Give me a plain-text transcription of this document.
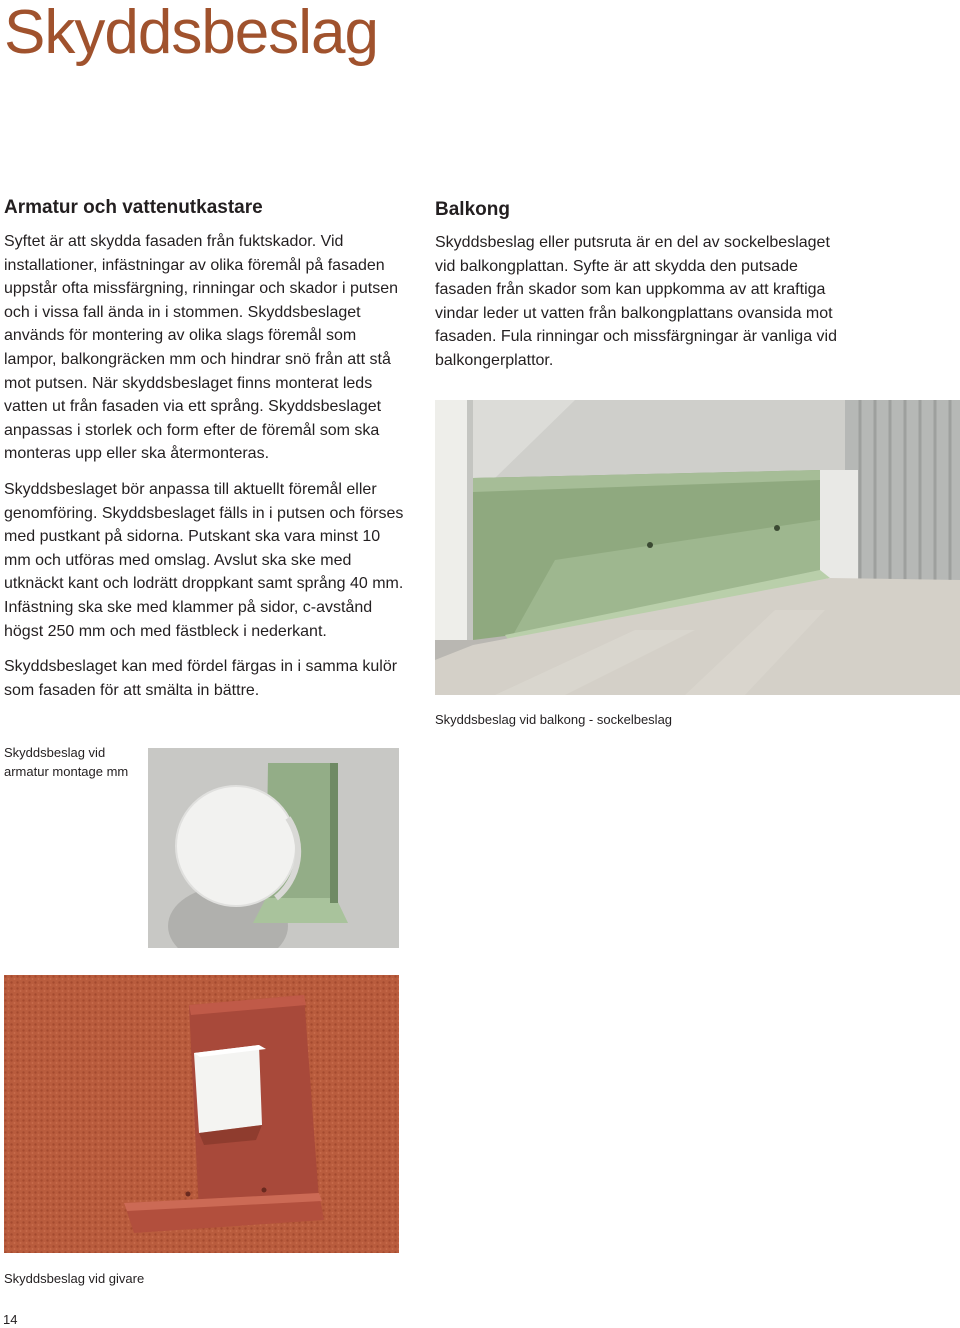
Skyddsbeslag
Armatur och vattenutkastare

Syftet är att skydda fasaden från fuktskador. Vid installationer, infästningar av olika föremål på fasaden uppstår ofta missfärgning, rinningar och skador i putsen och i vissa fall ända in i stommen. Skyddsbeslaget används för montering av olika slags föremål som lampor, balkongräcken mm och hindrar snö från att stå mot putsen. När skyddsbeslaget finns monterat leds vatten ut från fasaden via ett språng. Skyddsbeslaget anpassas i storlek och form efter de föremål som ska monteras upp eller ska återmonteras.

Skyddsbeslaget bör anpassa till aktuellt föremål eller genomföring. Skyddsbeslaget fälls in i putsen och förses med pustkant på sidorna. Putskant ska vara minst 10 mm och utföras med omslag. Avslut ska ske med utknäckt kant och lodrätt droppkant samt språng 40 mm. Infästning ska ske med klammer på sidor, c-avstånd högst 250 mm och med fästbleck i nederkant.

Skyddsbeslaget kan med fördel färgas in i samma kulör som fasaden för att smälta in bättre.

Balkong

Skyddsbeslag eller putsruta är en del av sockelbeslaget vid balkongplattan. Syfte är att skydda den putsade fasaden från skador som kan uppkomma av att kraftiga vindar leder ut vatten från balkongplattans ovansida mot fasaden. Fula rinningar och missfärgningar är vanliga vid balkongerplattor.

Skyddsbeslag vid balkong - sockelbeslag
Skyddsbeslag vid armatur montage mm
Skyddsbeslag vid givare
14
